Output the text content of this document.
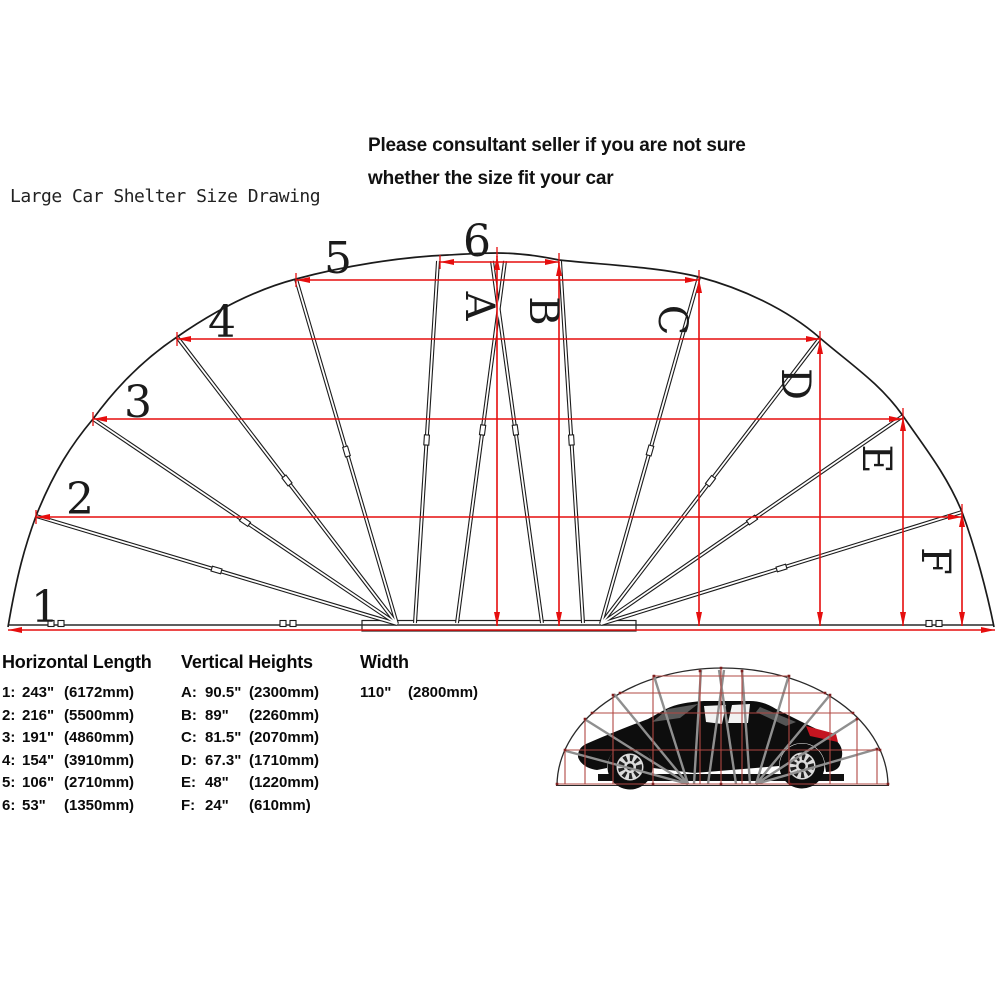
Large Car Shelter Size Drawing
Please consultant seller if you are not sure
whether the size fit your car
1
2
3
4
5	6
A B C
D
E
F
Horizontal Length
1: 243" (6172mm)
2: 216" (5500mm)
3: 191" (4860mm)
4: 154" (3910mm)
5: 106" (2710mm)
6: 53"	(1350mm)
Vertical Heights
A: 90.5" (2300mm)
B: 89"	(2260mm)
C: 81.5" (2070mm)
D: 67.3" (1710mm)
E: 48"	(1220mm)
F: 24"	(610mm)
Width
110"	(2800mm)
